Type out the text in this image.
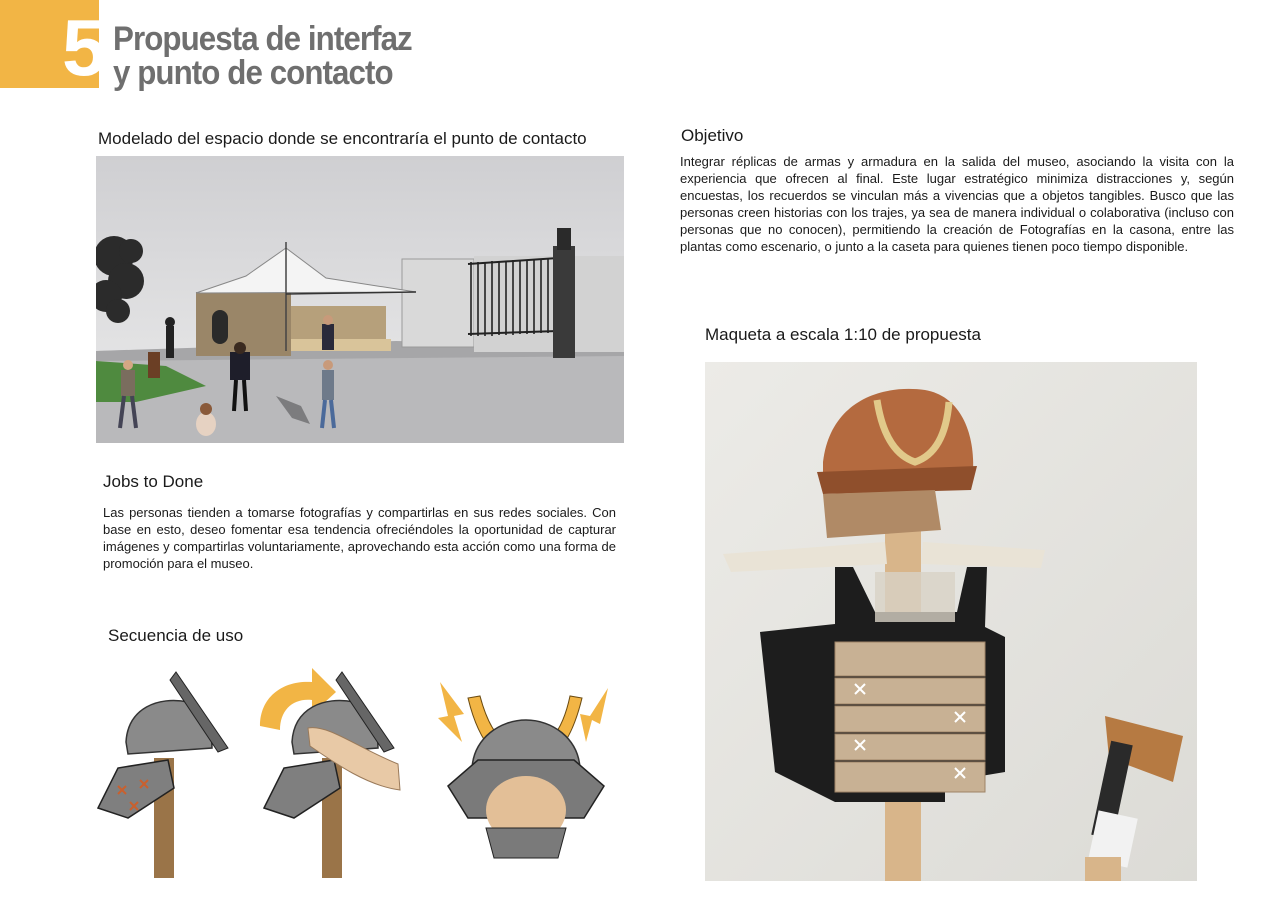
5 Propuesta de interfaz
y punto de contacto
Modelado del espacio donde se encontraría el punto de contacto	Objetivo
Integrar réplicas de armas y armadura en la salida del museo, asociando la visita con la experiencia que ofrecen al final. Este lugar estratégico minimiza distracciones y, según encuestas, los recuerdos se vinculan más a vivencias que a objetos tangibles. Busco que las personas creen historias con los trajes, ya sea de manera individual o colaborativa (incluso con personas que no conocen), permitiendo la creación de Fotografías en la casona, entre las plantas como escenario, o junto a la caseta para quienes tienen poco tiempo disponible.
Maqueta a escala 1:10 de propuesta
Jobs to Done
Las personas tienden a tomarse fotografías y compartirlas en sus redes sociales. Con base en esto, deseo fomentar esa tendencia ofreciéndoles la oportunidad de capturar imágenes y compartirlas voluntariamente, aprovechando esta acción como una forma de promoción para el museo.
Secuencia de uso
